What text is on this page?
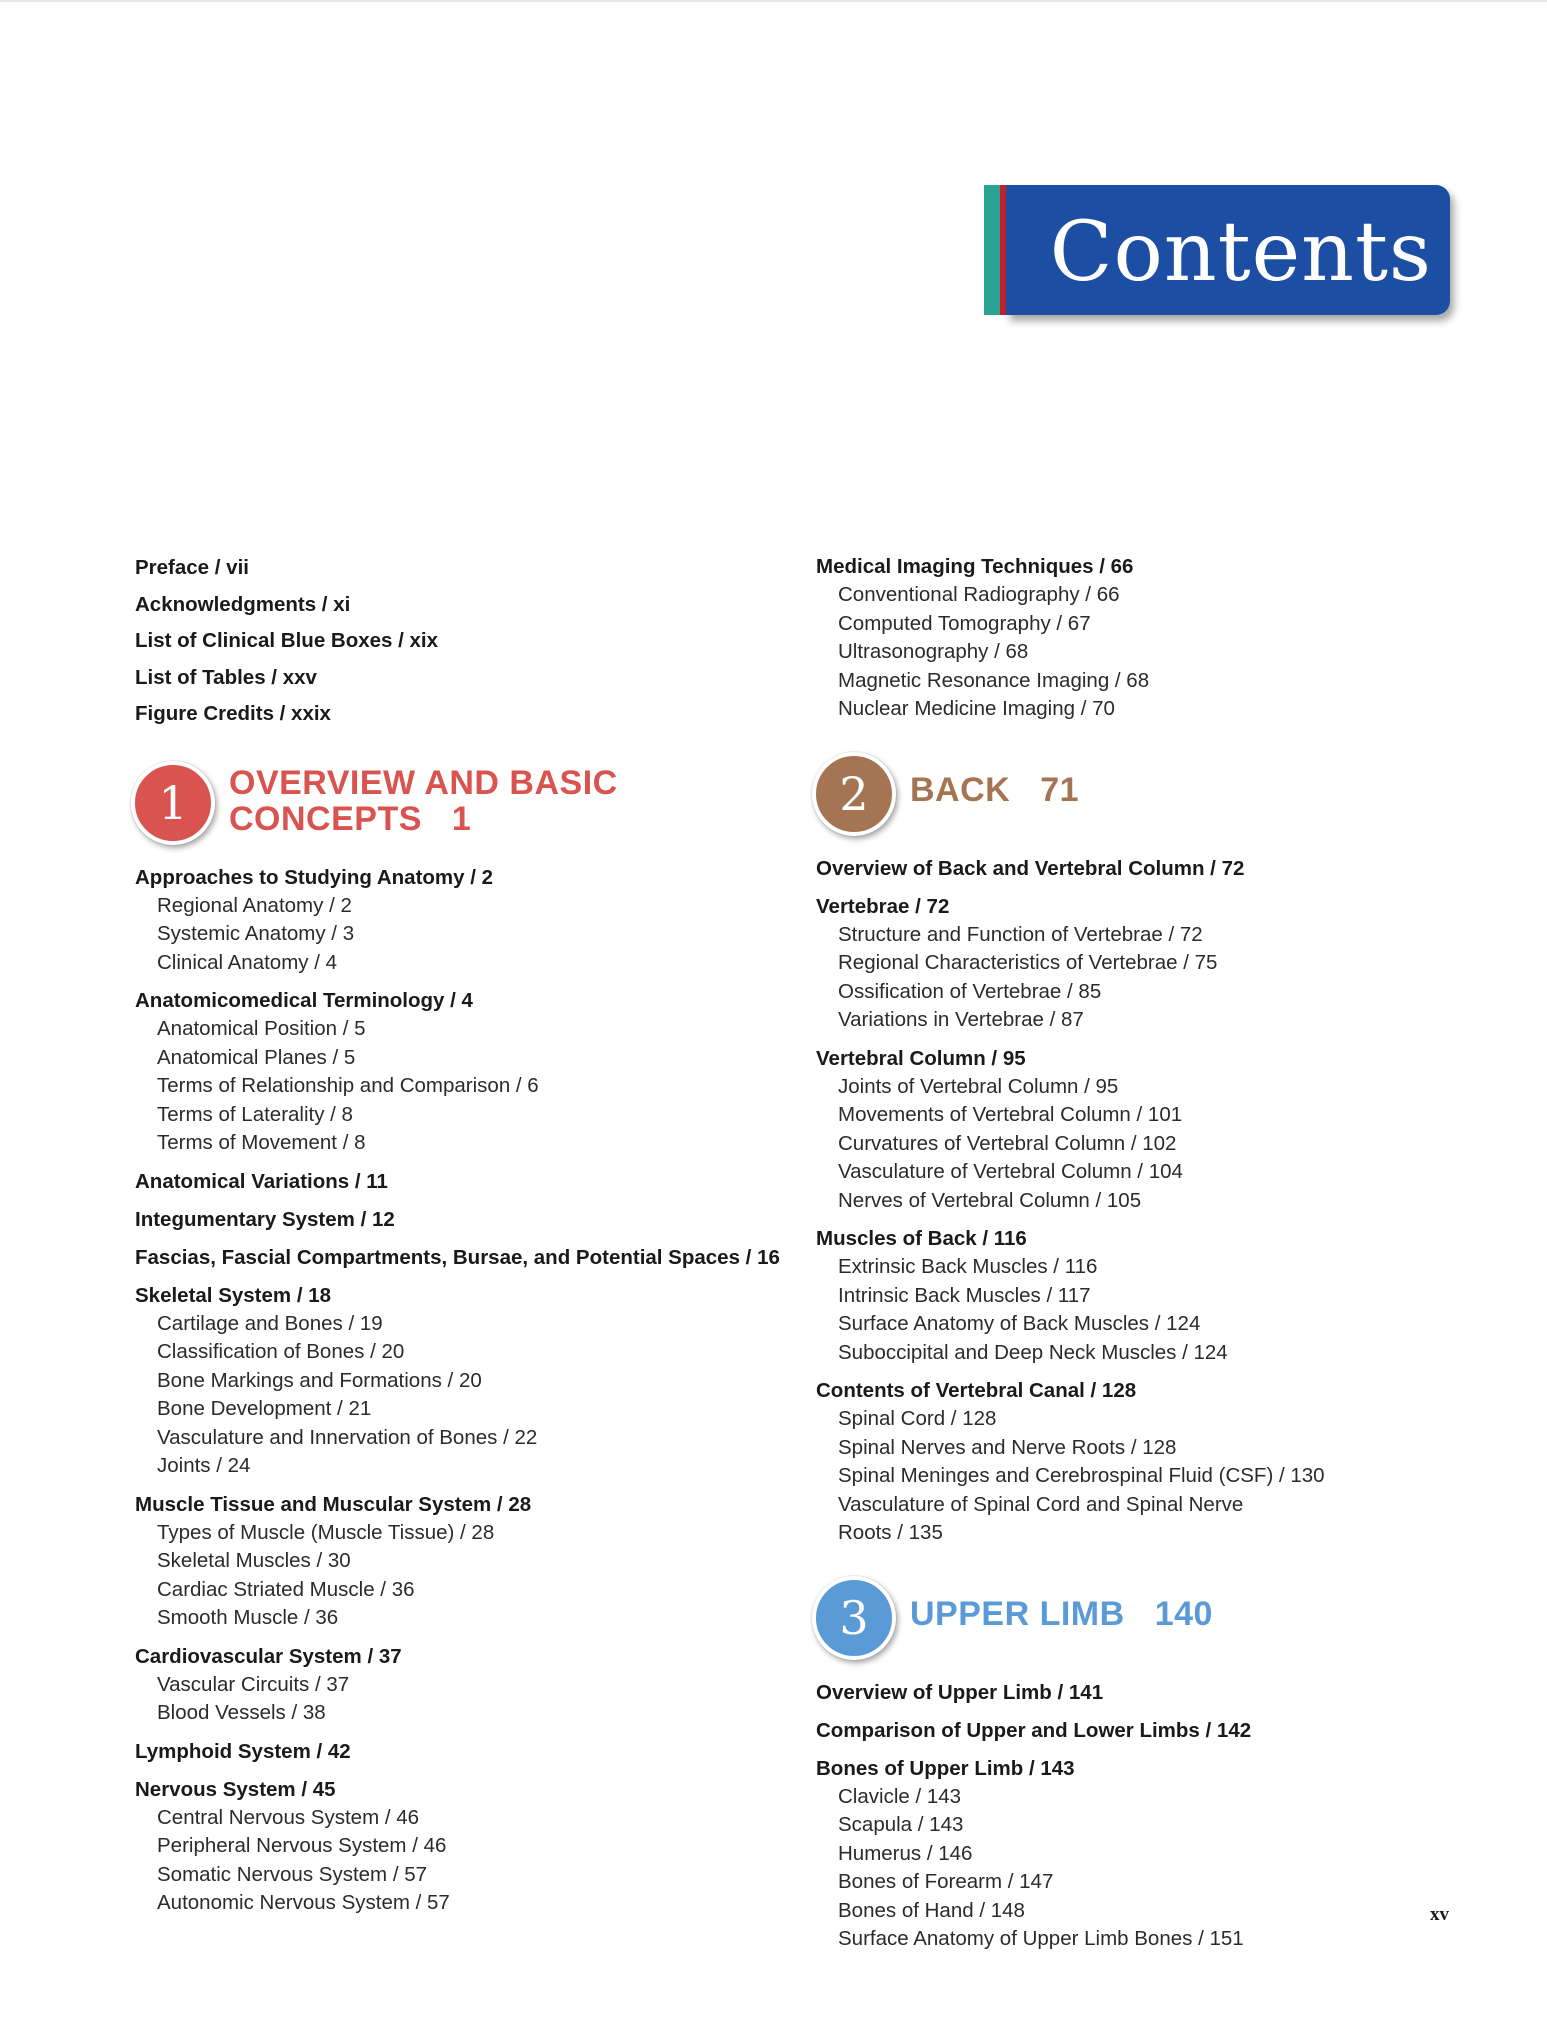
Contents
Preface / vii
Acknowledgments / xi
List of Clinical Blue Boxes / xix
List of Tables / xxv
Figure Credits / xxix
1	OVERVIEW AND BASIC
CONCEPTS 1
Approaches to Studying Anatomy / 2
Regional Anatomy / 2
Systemic Anatomy / 3
Clinical Anatomy / 4
Anatomicomedical Terminology / 4
Anatomical Position / 5
Anatomical Planes / 5
Terms of Relationship and Comparison / 6
Terms of Laterality / 8
Terms of Movement / 8
Anatomical Variations / 11
Integumentary System / 12
Fascias, Fascial Compartments, Bursae, and Potential Spaces / 16
Skeletal System / 18
Cartilage and Bones / 19
Classification of Bones / 20
Bone Markings and Formations / 20
Bone Development / 21
Vasculature and Innervation of Bones / 22
Joints / 24
Muscle Tissue and Muscular System / 28
Types of Muscle (Muscle Tissue) / 28
Skeletal Muscles / 30
Cardiac Striated Muscle / 36
Smooth Muscle / 36
Cardiovascular System / 37
Vascular Circuits / 37
Blood Vessels / 38
Lymphoid System / 42
Nervous System / 45
Central Nervous System / 46
Peripheral Nervous System / 46
Somatic Nervous System / 57
Autonomic Nervous System / 57
Medical Imaging Techniques / 66
Conventional Radiography / 66
Computed Tomography / 67
Ultrasonography / 68
Magnetic Resonance Imaging / 68
Nuclear Medicine Imaging / 70
2	BACK 71
Overview of Back and Vertebral Column / 72
Vertebrae / 72
Structure and Function of Vertebrae / 72
Regional Characteristics of Vertebrae / 75
Ossification of Vertebrae / 85
Variations in Vertebrae / 87
Vertebral Column / 95
Joints of Vertebral Column / 95
Movements of Vertebral Column / 101
Curvatures of Vertebral Column / 102
Vasculature of Vertebral Column / 104
Nerves of Vertebral Column / 105
Muscles of Back / 116
Extrinsic Back Muscles / 116
Intrinsic Back Muscles / 117
Surface Anatomy of Back Muscles / 124
Suboccipital and Deep Neck Muscles / 124
Contents of Vertebral Canal / 128
Spinal Cord / 128
Spinal Nerves and Nerve Roots / 128
Spinal Meninges and Cerebrospinal Fluid (CSF) / 130
Vasculature of Spinal Cord and Spinal Nerve
Roots / 135
3	UPPER LIMB 140
Overview of Upper Limb / 141
Comparison of Upper and Lower Limbs / 142
Bones of Upper Limb / 143
Clavicle / 143
Scapula / 143
Humerus / 146
Bones of Forearm / 147
Bones of Hand / 148
Surface Anatomy of Upper Limb Bones / 151
xv
